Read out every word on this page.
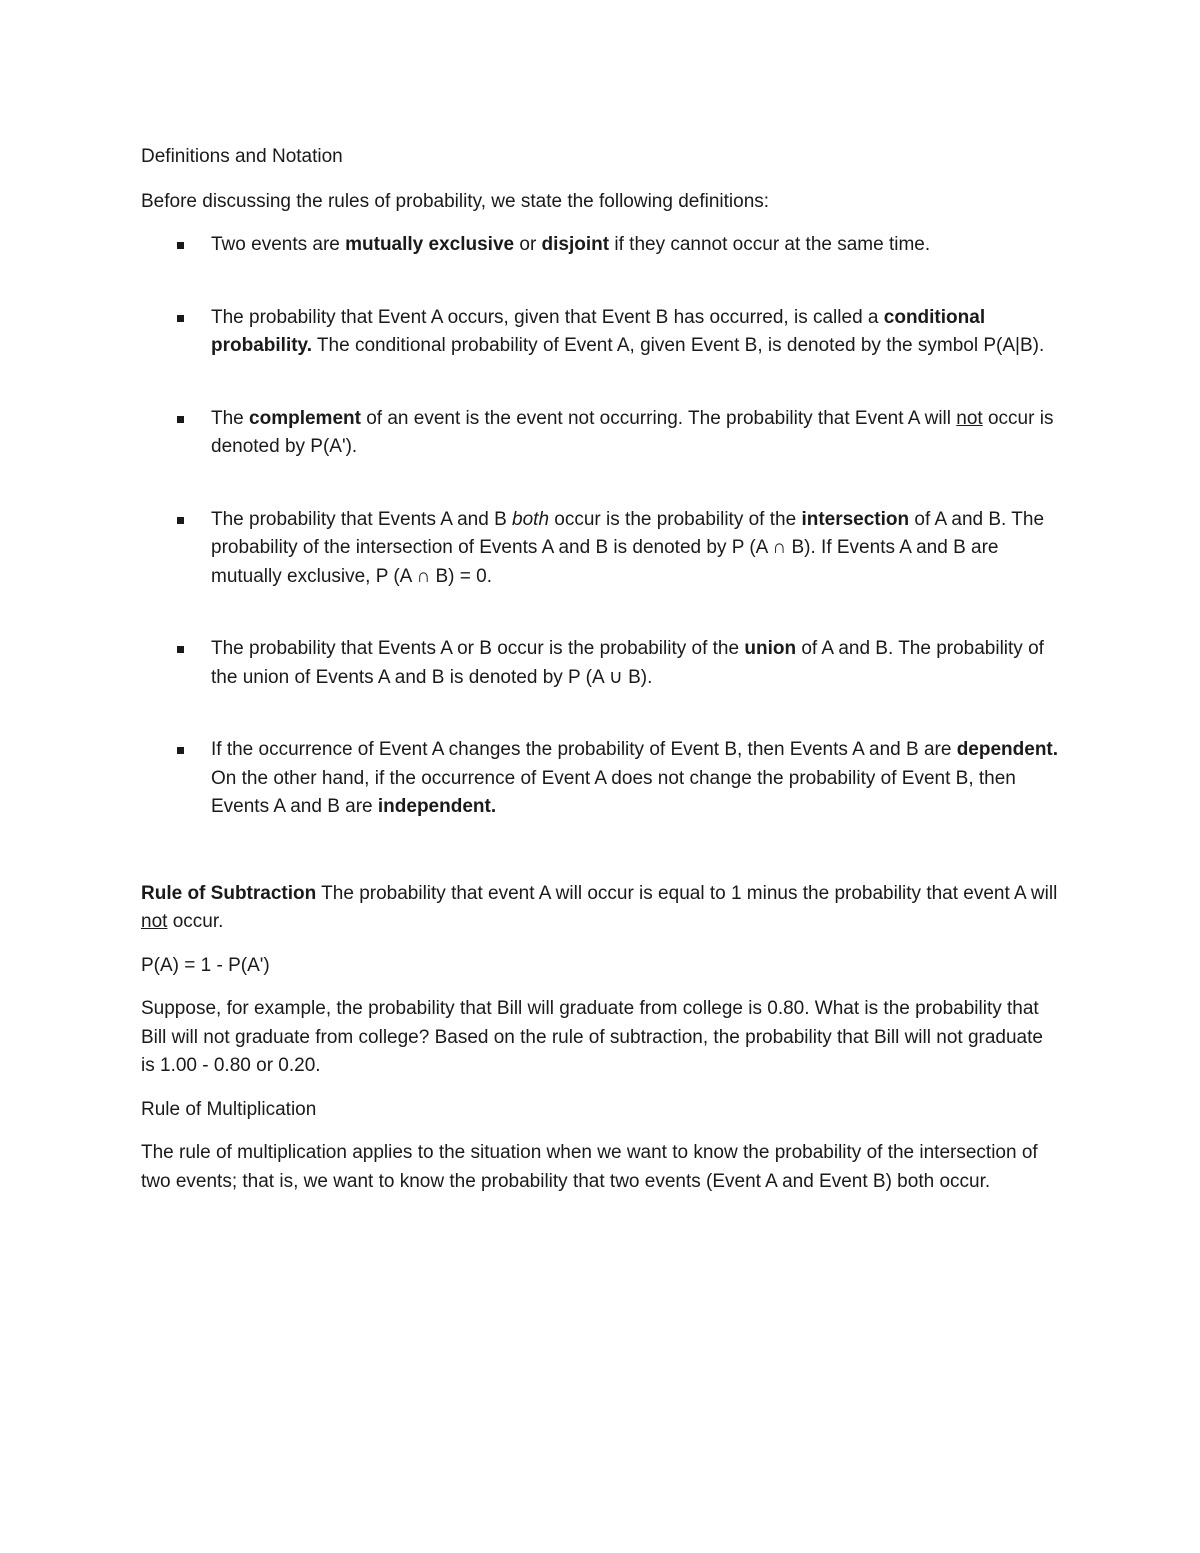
Definitions and Notation

Before discussing the rules of probability, we state the following definitions:

Two events are mutually exclusive or disjoint if they cannot occur at the same time.
The probability that Event A occurs, given that Event B has occurred, is called a conditional probability. The conditional probability of Event A, given Event B, is denoted by the symbol P(A|B).
The complement of an event is the event not occurring. The probability that Event A will not occur is denoted by P(A').
The probability that Events A and B both occur is the probability of the intersection of A and B. The probability of the intersection of Events A and B is denoted by P (A ∩ B). If Events A and B are mutually exclusive, P (A ∩ B) = 0.
The probability that Events A or B occur is the probability of the union of A and B. The probability of the union of Events A and B is denoted by P (A ∪ B).
If the occurrence of Event A changes the probability of Event B, then Events A and B are dependent. On the other hand, if the occurrence of Event A does not change the probability of Event B, then Events A and B are independent.

Rule of Subtraction The probability that event A will occur is equal to 1 minus the probability that event A will not occur.

P(A) = 1 - P(A')

Suppose, for example, the probability that Bill will graduate from college is 0.80. What is the probability that Bill will not graduate from college? Based on the rule of subtraction, the probability that Bill will not graduate is 1.00 - 0.80 or 0.20.

Rule of Multiplication

The rule of multiplication applies to the situation when we want to know the probability of the intersection of two events; that is, we want to know the probability that two events (Event A and Event B) both occur.
